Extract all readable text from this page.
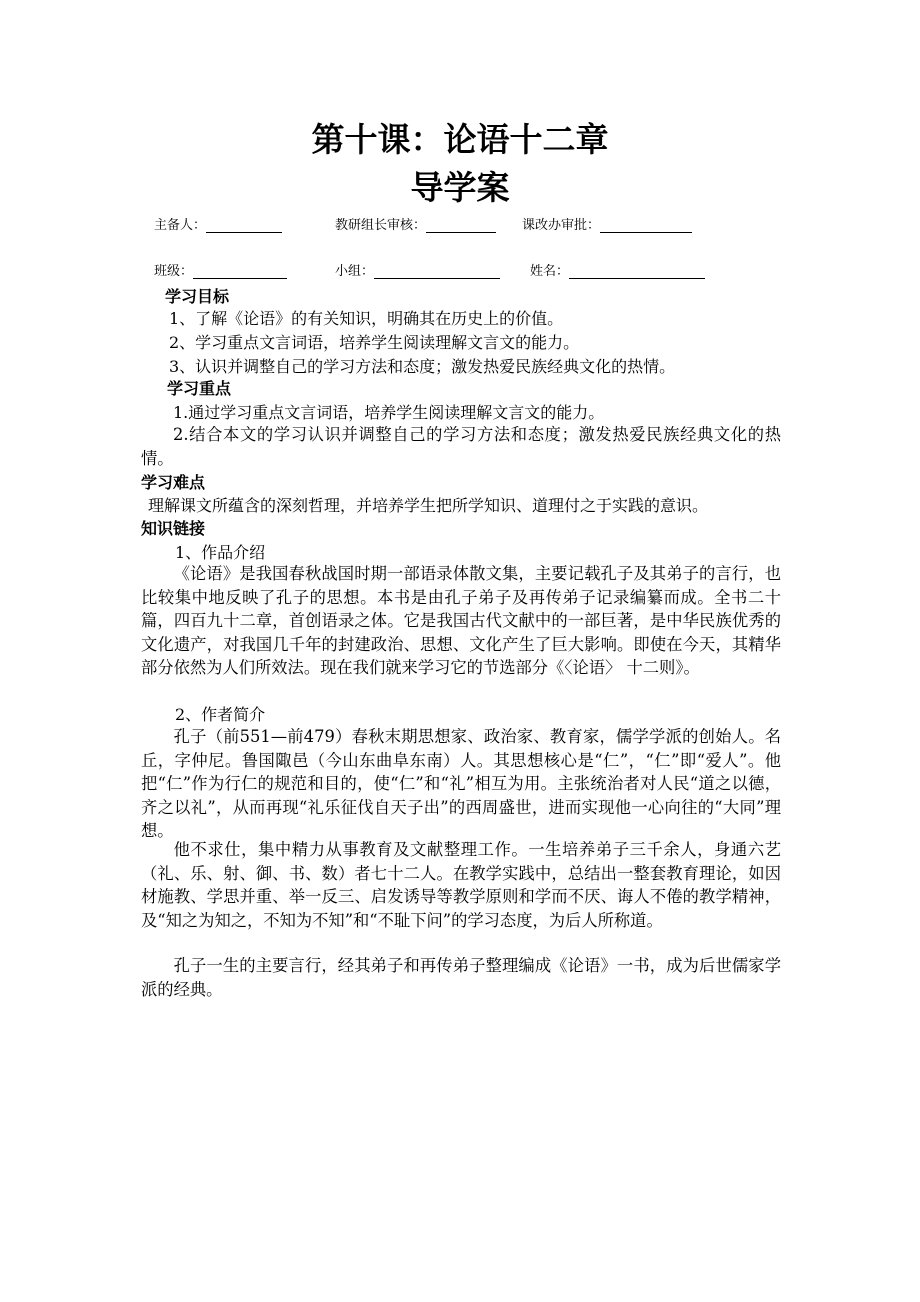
第十课：论语十二章
导学案
主备人：	教研组长审核：	课改办审批：
班级：	小组：	姓名：
学习目标
1、了解《论语》的有关知识，明确其在历史上的价值。
2、学习重点文言词语，培养学生阅读理解文言文的能力。
3、认识并调整自己的学习方法和态度；激发热爱民族经典文化的热情。
学习重点
1.通过学习重点文言词语，培养学生阅读理解文言文的能力。

2.结合本文的学习认识并调整自己的学习方法和态度；激发热爱民族经典文化的热情。

学习难点
理解课文所蕴含的深刻哲理，并培养学生把所学知识、道理付之于实践的意识。
知识链接
1、作品介绍

《论语》是我国春秋战国时期一部语录体散文集，主要记载孔子及其弟子的言行，也比较集中地反映了孔子的思想。本书是由孔子弟子及再传弟子记录编纂而成。全书二十篇，四百九十二章，首创语录之体。它是我国古代文献中的一部巨著，是中华民族优秀的文化遗产，对我国几千年的封建政治、思想、文化产生了巨大影响。即使在今天，其精华部分依然为人们所效法。现在我们就来学习它的节选部分《〈论语〉 十二则》。

2、作者简介

孔子（前551—前479）春秋末期思想家、政治家、教育家，儒学学派的创始人。名丘，字仲尼。鲁国陬邑（今山东曲阜东南）人。其思想核心是“仁”，“仁”即“爱人”。他把“仁”作为行仁的规范和目的，使“仁”和“礼”相互为用。主张统治者对人民“道之以德，齐之以礼”，从而再现“礼乐征伐自天子出”的西周盛世，进而实现他一心向往的“大同”理想。

他不求仕，集中精力从事教育及文献整理工作。一生培养弟子三千余人，身通六艺（礼、乐、射、御、书、数）者七十二人。在教学实践中，总结出一整套教育理论，如因材施教、学思并重、举一反三、启发诱导等教学原则和学而不厌、诲人不倦的教学精神，及“知之为知之，不知为不知”和“不耻下问”的学习态度，为后人所称道。

孔子一生的主要言行，经其弟子和再传弟子整理编成《论语》一书，成为后世儒家学派的经典。
